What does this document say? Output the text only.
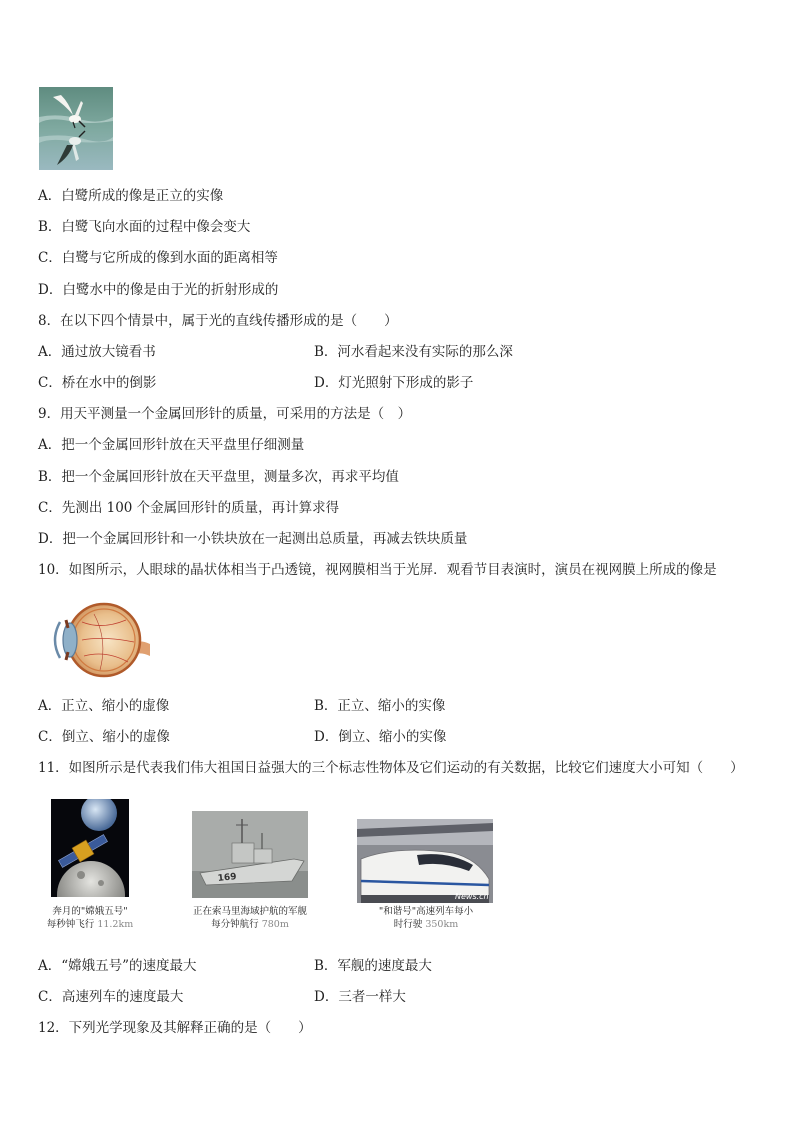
A．白鹭所成的像是正立的实像
B．白鹭飞向水面的过程中像会变大
C．白鹭与它所成的像到水面的距离相等
D．白鹭水中的像是由于光的折射形成的
8．在以下四个情景中，属于光的直线传播形成的是（　　）
A．通过放大镜看书	B．河水看起来没有实际的那么深
C．桥在水中的倒影	D．灯光照射下形成的影子
9．用天平测量一个金属回形针的质量，可采用的方法是（　）
A．把一个金属回形针放在天平盘里仔细测量
B．把一个金属回形针放在天平盘里，测量多次，再求平均值
C．先测出 100 个金属回形针的质量，再计算求得
D．把一个金属回形针和一小铁块放在一起测出总质量，再减去铁块质量
10．如图所示，人眼球的晶状体相当于凸透镜，视网膜相当于光屏．观看节目表演时，演员在视网膜上所成的像是
A．正立、缩小的虚像	B．正立、缩小的实像
C．倒立、缩小的虚像	D．倒立、缩小的实像
11．如图所示是代表我们伟大祖国日益强大的三个标志性物体及它们运动的有关数据，比较它们速度大小可知（　　）
奔月的"嫦娥五号"
每秒钟飞行 11.2km
169
正在索马里海域护航的军舰
每分钟航行 780m
News.cn
"和谐号"高速列车每小
时行驶 350km
A．“嫦娥五号”的速度最大	B．军舰的速度最大
C．高速列车的速度最大	D．三者一样大
12．下列光学现象及其解释正确的是（　　）
